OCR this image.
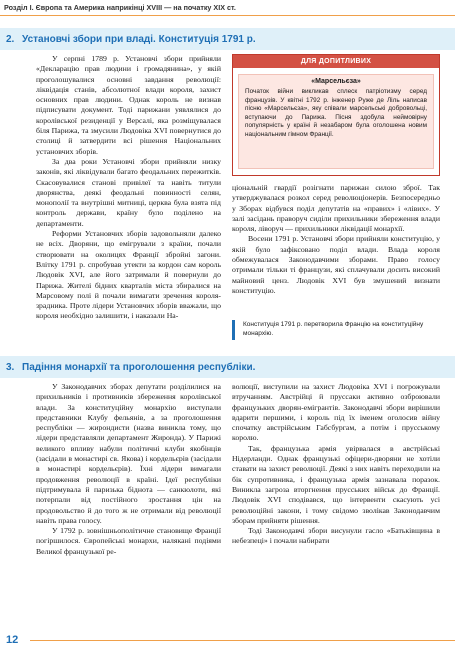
Розділ І. Європа та Америка наприкінці XVIII — на початку XIX ст.
2. Установчі збори при владі. Конституція 1791 р.

У серпні 1789 р. Установчі збори прийняли «Декларацію прав людини і громадянина», у якій проголошувалися основні завдання революції: ліквідація станів, абсолютної влади короля, захист основних прав людини. Однак король не визнав підписувати документ. Тоді парижани уявлялися до королівської резиденції у Версалі, яка розміщувалася біля Парижа, та змусили Людовіка XVI повернутися до столиці й затвердити всі рішення Національних установчих зборів.

За два роки Установчі збори прийняли низку законів, які ліквідували багато феодальних пережитків. Скасовувалися станові привілеї та навіть титули дворянства, деякі феодальні повинності селян, монополії та внутрішні митниці, церква була взята під контроль держави, країну було поділено на департаменти.

Реформи Установчих зборів задовольняли далеко не всіх. Дворяни, що емігрували з країни, почали створювати на околицях Франції збройні загони. Влітку 1791 р. спробував утекти за кордон сам король Людовік XVI, але його затримали й повернули до Парижа. Жителі бідних кварталів міста збиралися на Марсовому полі й почали вимагати зречення короля-зрадника. Проте лідери Установчих зборів вважали, що короля необхідно залишити, і наказали На-

ДЛЯ ДОПИТЛИВИХ
«Марсельєза»
Початок війни викликав сплеск патріотизму серед французів. У квітні 1792 р. інженер Руже де Ліль написав пісню «Марсельєза», яку співали марсельські добровольці, вступаючи до Парижа. Пісня здобула неймовірну популярність у країні й незабаром була оголошена новим національним гімном Франції.

ціональній гвардії розігнати парижан силою зброї. Так утверджувалася розкол серед революціонерів. Безпосередньо у Зборах відбувся поділ депутатів на «правих» і «лівих». У залі засідань праворуч сиділи прихильники збереження влади короля, ліворуч — прихильники ліквідації монархії.

Восени 1791 р. Установчі збори прийняли конституцію, у якій було зафіксовано поділ влади. Влада короля обмежувалася Законодавчими зборами. Право голосу отримали тільки ті французи, які сплачували досить високий майновий ценз. Людовік XVI був змушений визнати конституцію.

Конституція 1791 р. перетворила Францію на конституційну монархію.
3. Падіння монархії та проголошення республіки.

У Законодавчих зборах депутати розділилися на прихильників і противників збереження королівської влади. За конституційну монархію виступали представники Клубу фельянів, а за проголошення республіки — жирондисти (назва виникла тому, що лідери представляли департамент Жиронда). У Парижі великого впливу набули політичні клуби якобінців (засідали в монастирі св. Якова) і кордельєрів (засідали в монастирі кордельєрів). Їхні лідери вимагали продовження революції в країні. Ідеї республіки підтримувала й паризька біднота — санкюлоти, які потерпали від постійного зростання цін на продовольство й до того ж не отримали від революції навіть права голосу.

У 1792 р. зовнішньополітичне становище Франції погіршилося. Європейські монархи, налякані подіями Великої французької ре-

волюції, виступили на захист Людовіка XVI і погрожували втручанням. Австрійці й пруссаки активно озброювали французьких дворян-емігрантів. Законодавчі збори вирішили вдарити першими, і король під їх іменем оголосив війну спочатку австрійським Габсбургам, а потім і прусському королю.

Так, французька армія увірвалася в австрійські Нідерланди. Однак французькі офіцери-дворяни не хотіли ставати на захист революції. Деякі з них навіть переходили на бік супротивника, і французька армія зазнавала поразок. Виникла загроза вторгнення прусських військ до Франції. Людовік XVI сподівався, що інтервенти скасують усі революційні закони, і тому свідомо зволікав Законодавчим зборам прийняти рішення.

Тоді Законодавчі збори висунули гасло «Батьківщина в небезпеці» і почали набирати

12
